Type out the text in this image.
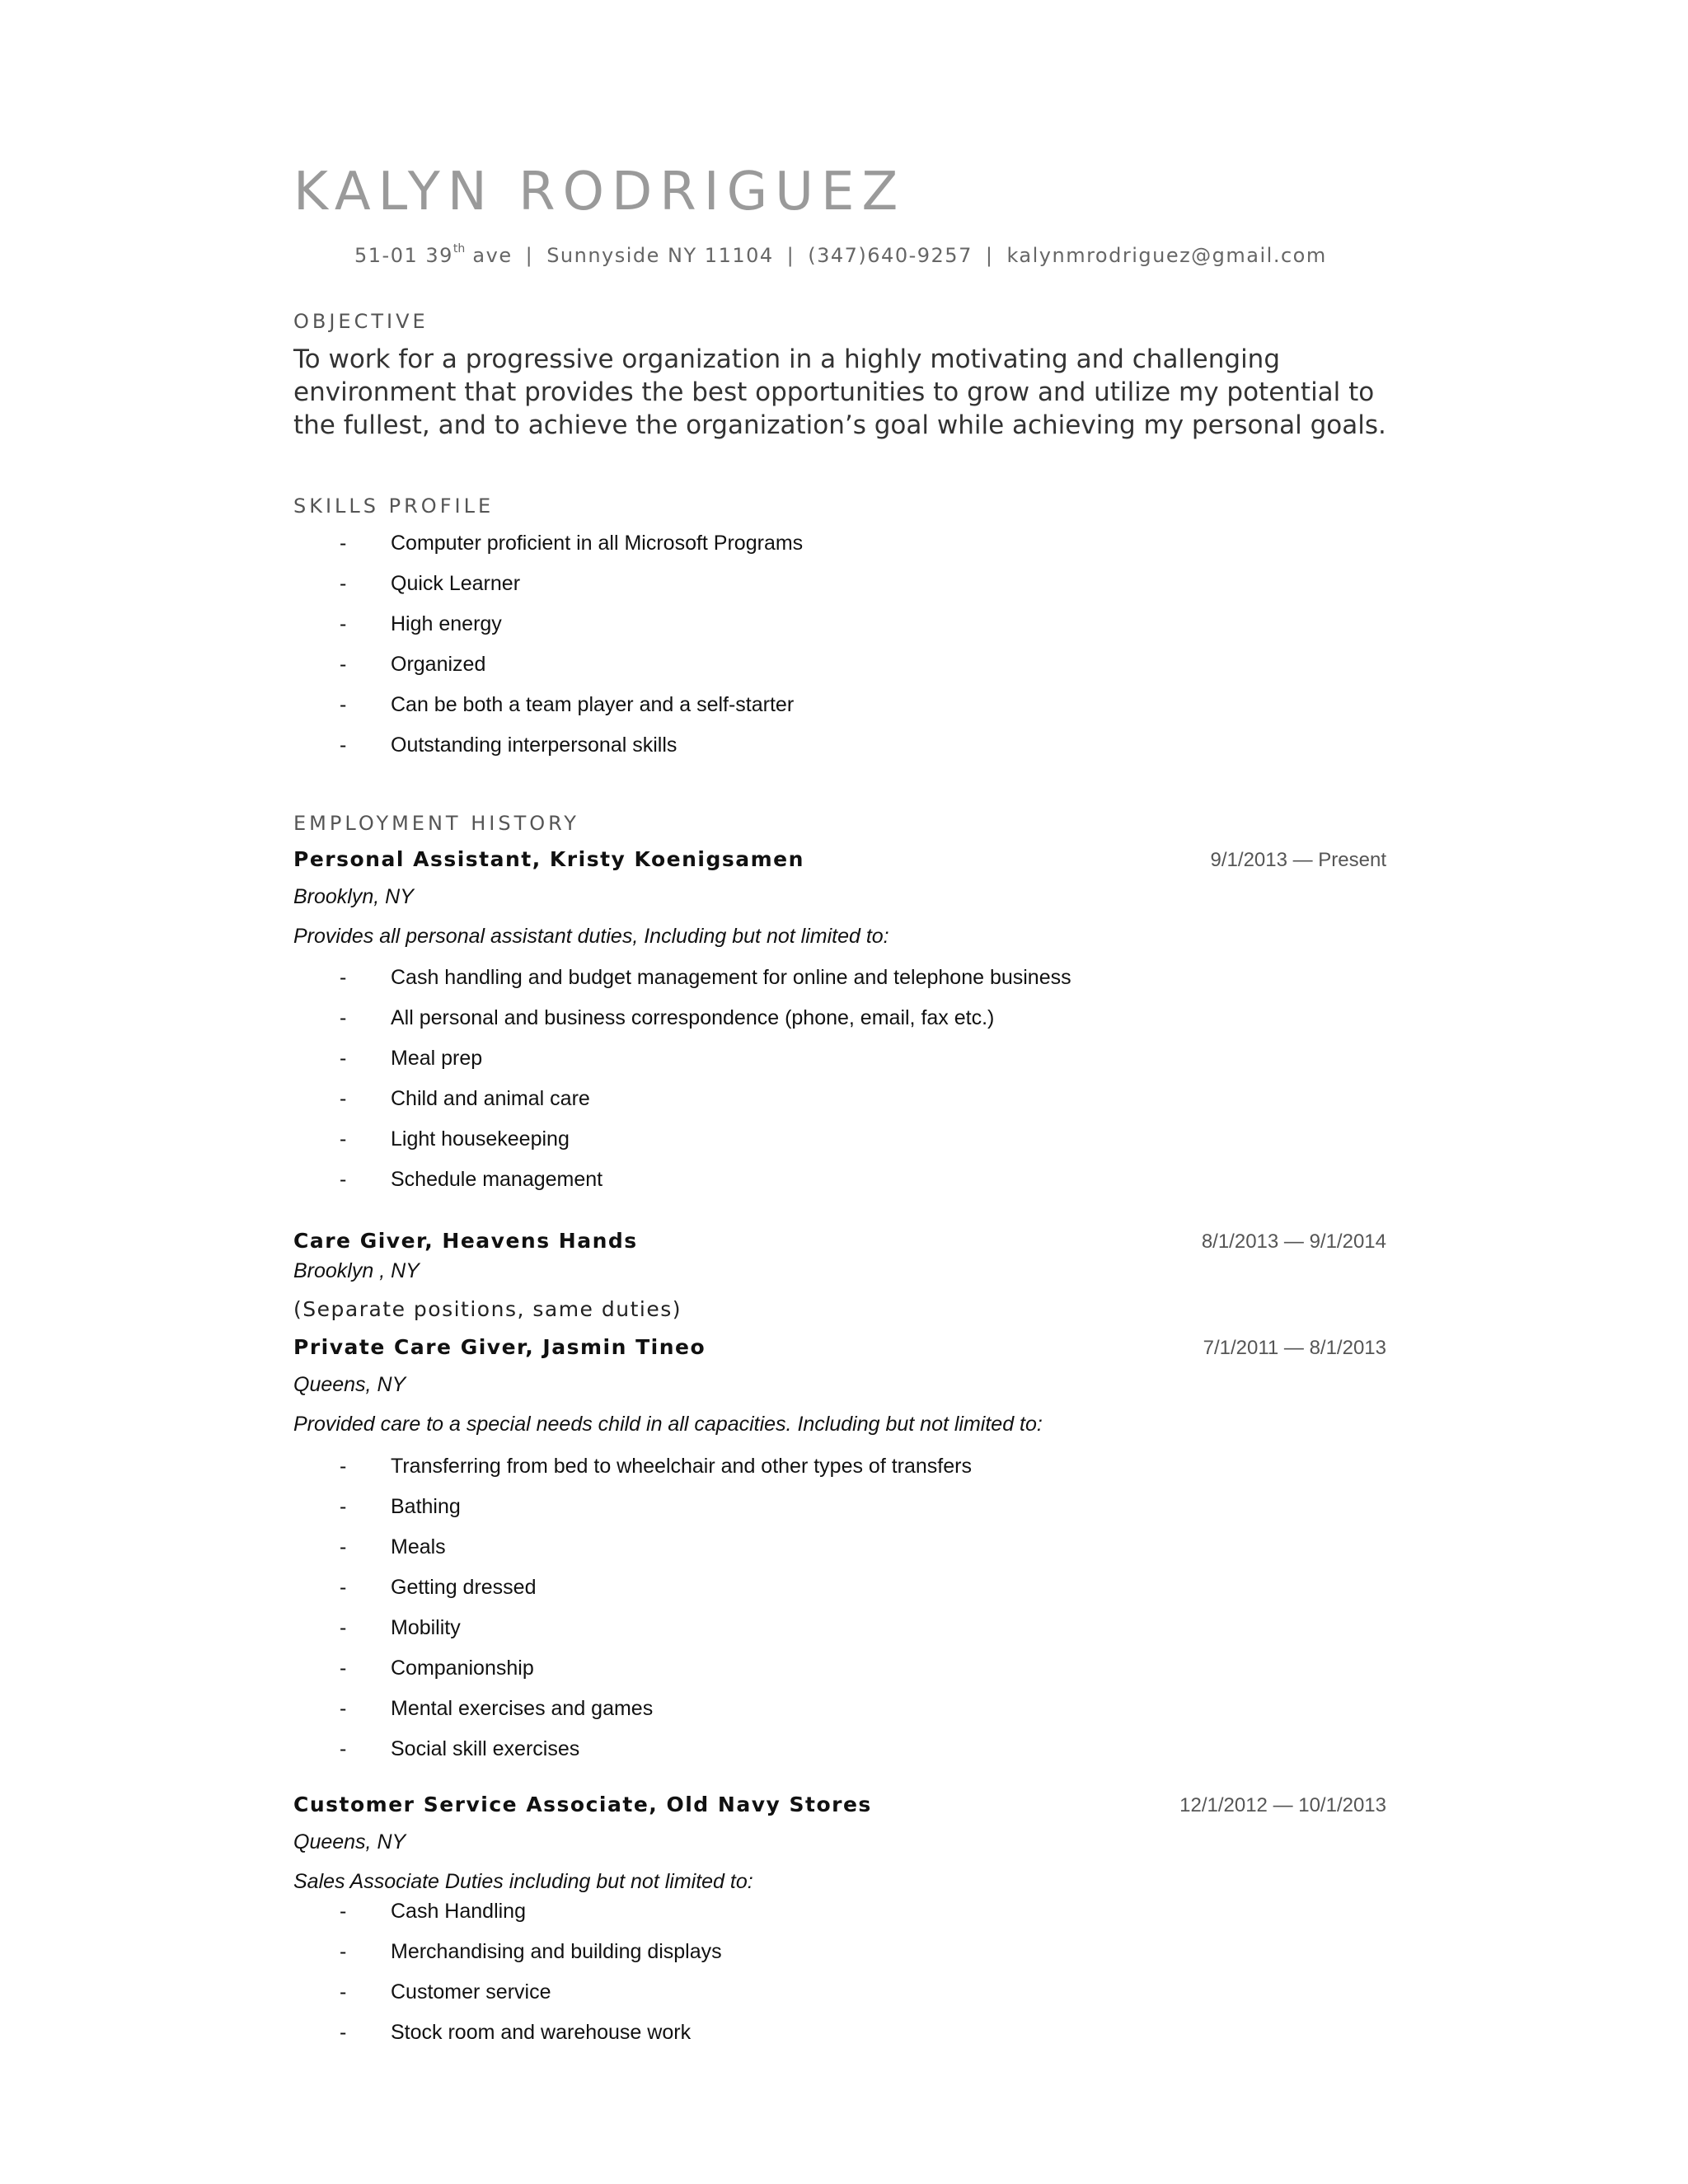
KALYN RODRIGUEZ
51-01 39th ave | Sunnyside NY 11104 | (347)640-9257 | kalynmrodriguez@gmail.com
OBJECTIVE

To work for a progressive organization in a highly motivating and challenging environment that provides the best opportunities to grow and utilize my potential to the fullest, and to achieve the organization’s goal while achieving my personal goals.

SKILLS PROFILE
- Computer proficient in all Microsoft Programs
- Quick Learner
- High energy
- Organized
- Can be both a team player and a self-starter
- Outstanding interpersonal skills
EMPLOYMENT HISTORY
Personal Assistant, Kristy Koenigsamen	9/1/2013 — Present
Brooklyn, NY
Provides all personal assistant duties, Including but not limited to:
- Cash handling and budget management for online and telephone business
- All personal and business correspondence (phone, email, fax etc.)
- Meal prep
- Child and animal care
- Light housekeeping
- Schedule management
Care Giver, Heavens Hands	8/1/2013 — 9/1/2014
Brooklyn , NY
(Separate positions, same duties)
Private Care Giver, Jasmin Tineo	7/1/2011 — 8/1/2013
Queens, NY
Provided care to a special needs child in all capacities. Including but not limited to:
- Transferring from bed to wheelchair and other types of transfers
- Bathing
- Meals
- Getting dressed
- Mobility
- Companionship
- Mental exercises and games
- Social skill exercises
Customer Service Associate, Old Navy Stores	12/1/2012 — 10/1/2013
Queens, NY
Sales Associate Duties including but not limited to:
- Cash Handling
- Merchandising and building displays
- Customer service
- Stock room and warehouse work
